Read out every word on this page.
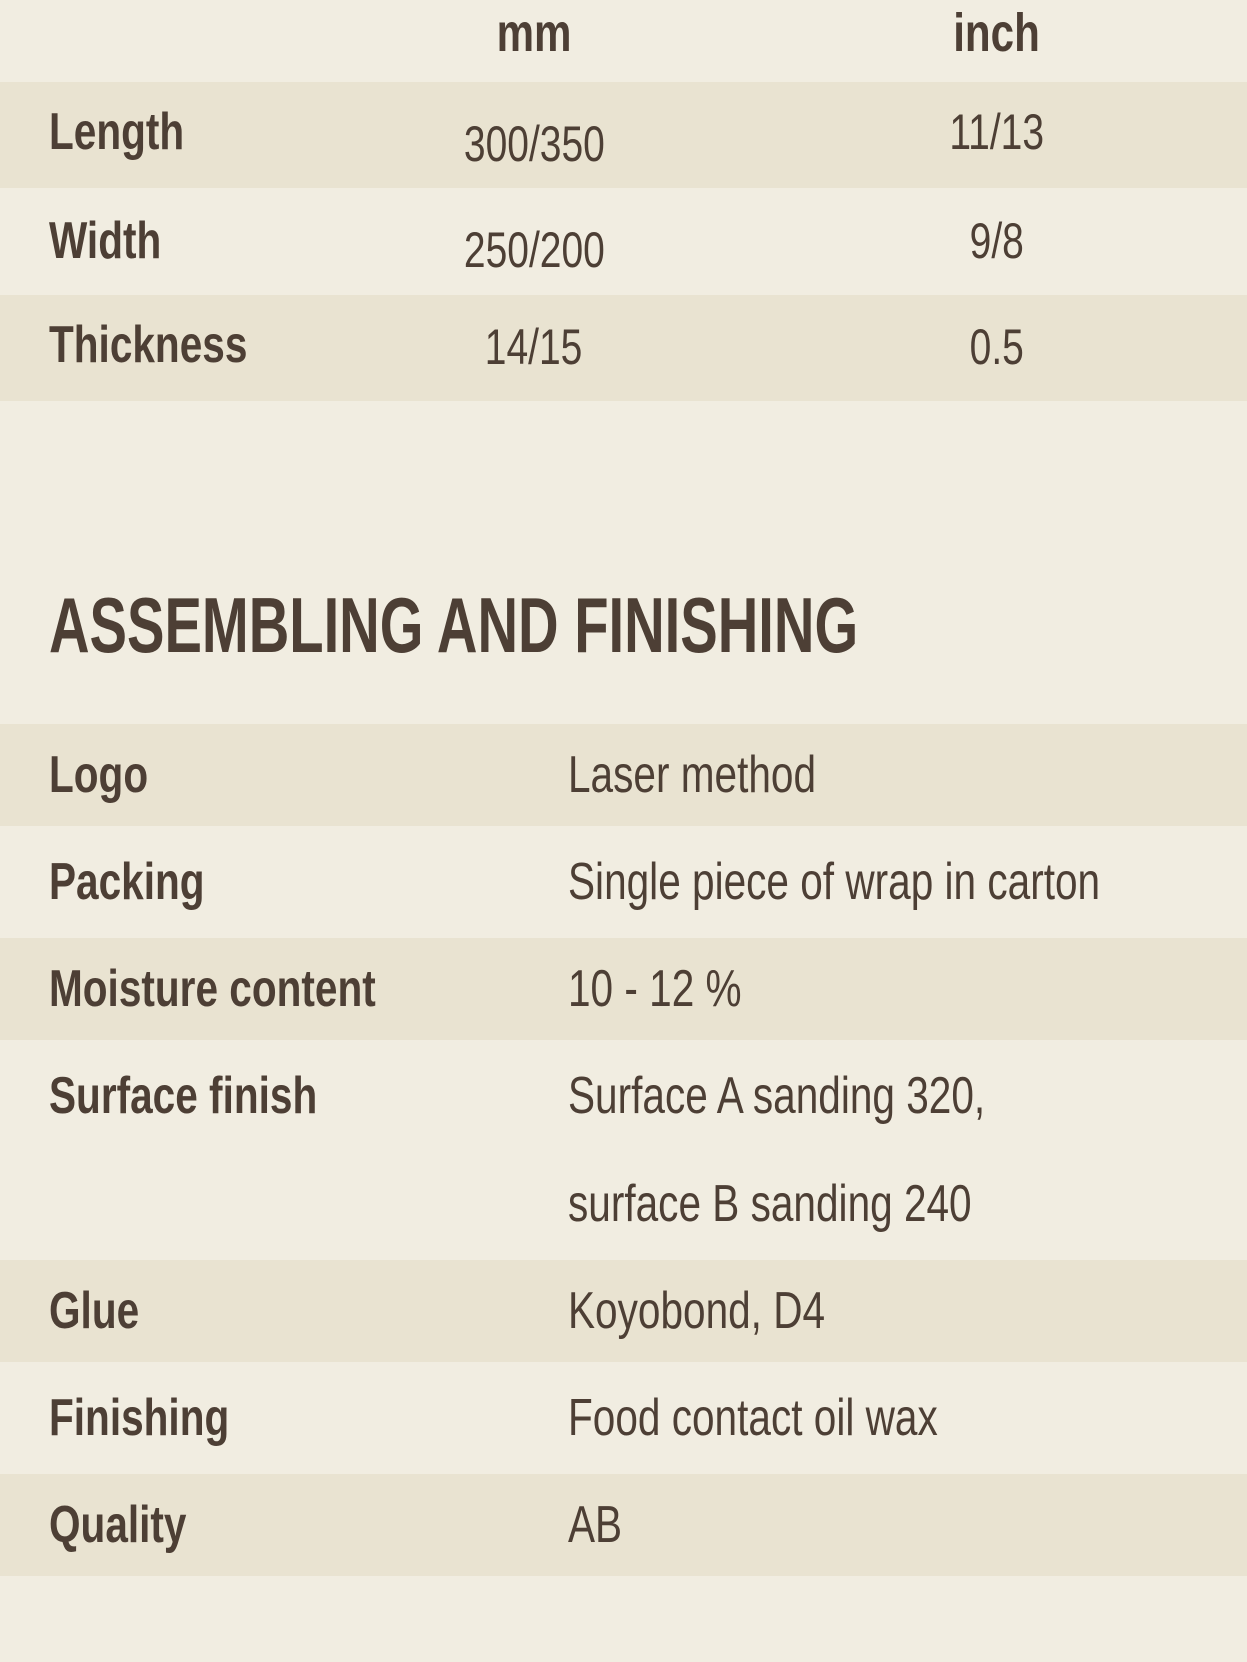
mm	inch
Length	300/350	11/13
Width	250/200	9/8
Thickness	14/15	0.5
ASSEMBLING AND FINISHING
Logo	Laser method
Packing	Single piece of wrap in carton
Moisture content	10 - 12 %
Surface finish	Surface A sanding 320,
surface B sanding 240
Glue	Koyobond, D4
Finishing	Food contact oil wax
Quality	AB
